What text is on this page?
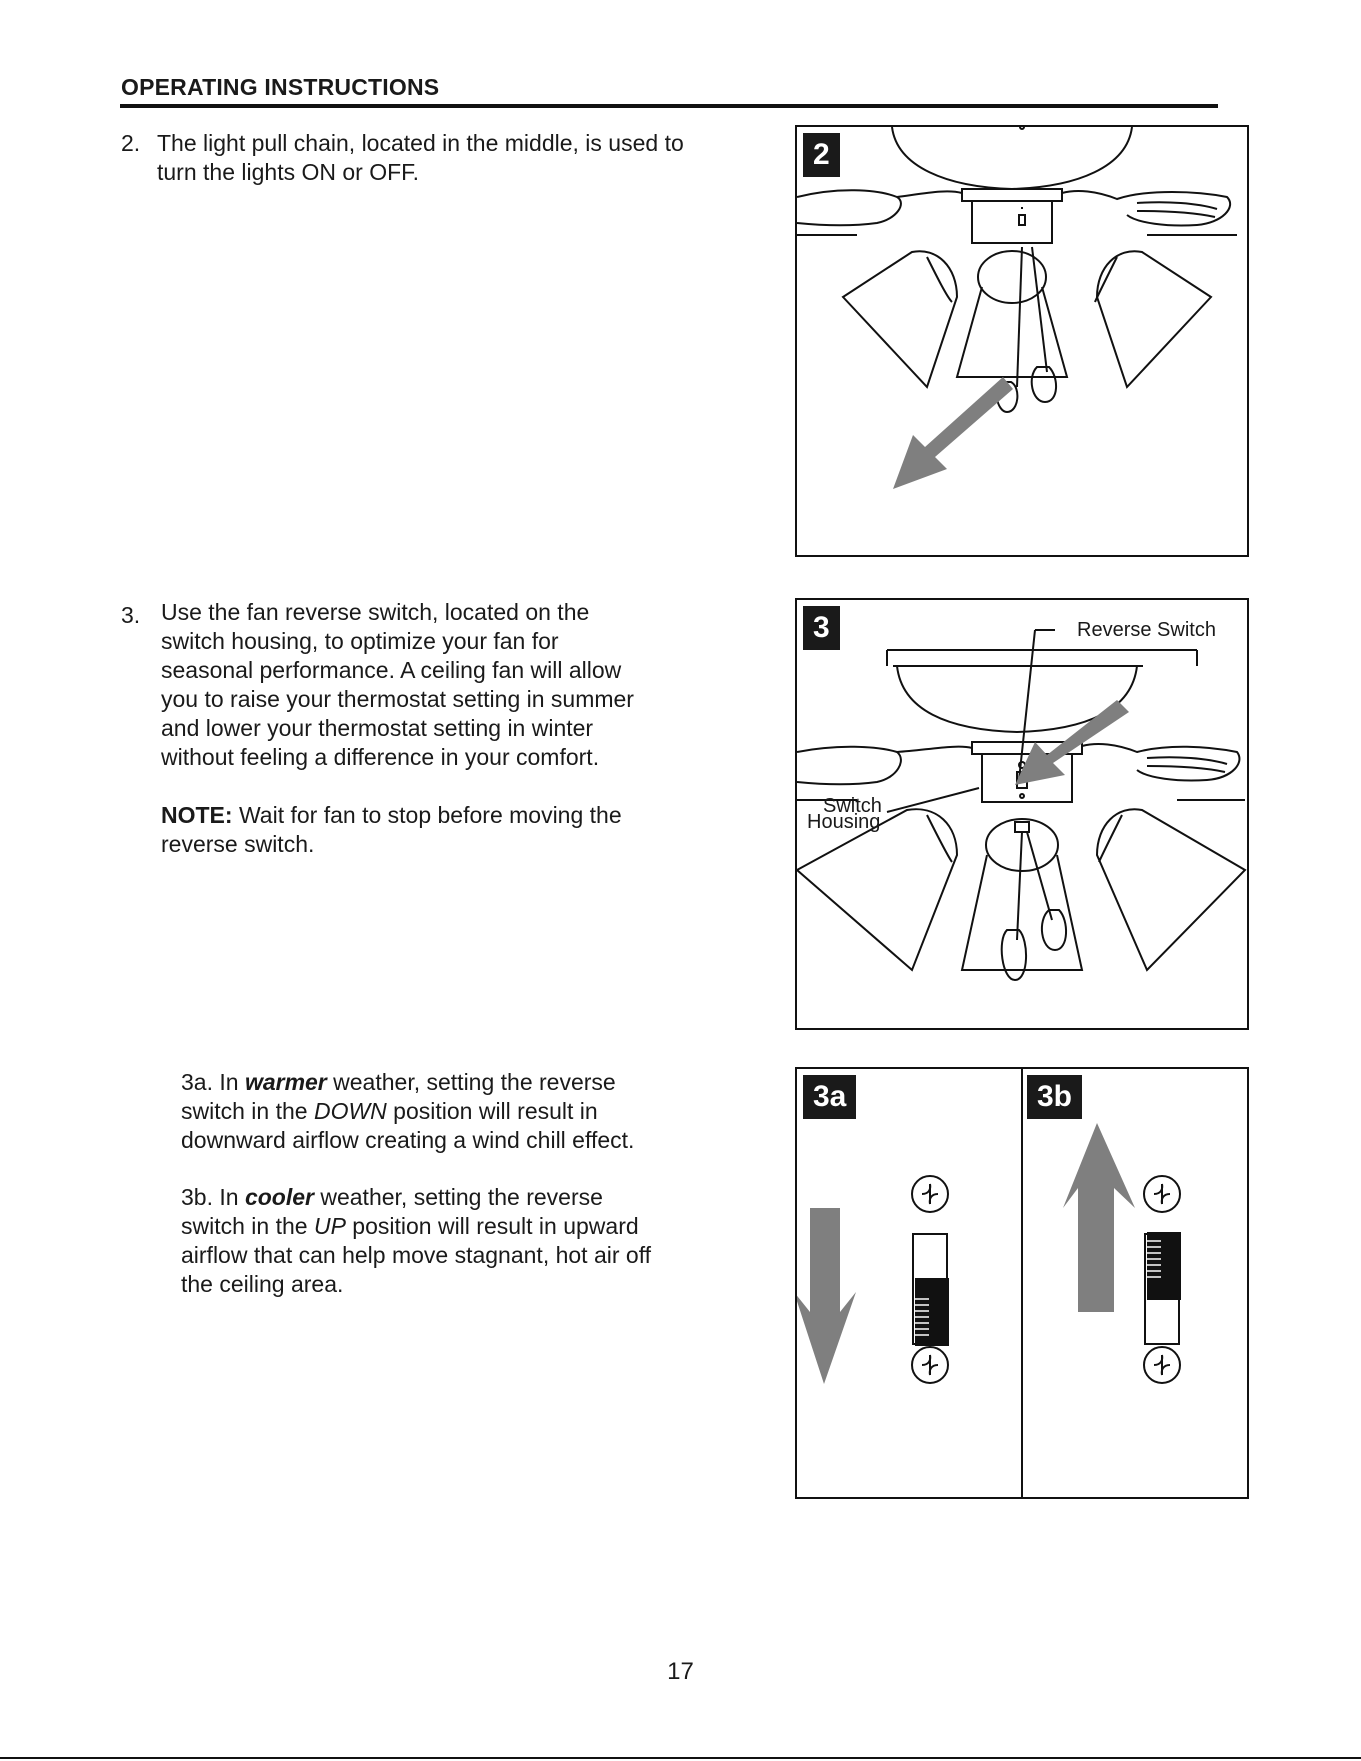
OPERATING INSTRUCTIONS
2. The light pull chain, located in the middle, is used to
turn the lights ON or OFF.
3. Use the fan reverse switch, located on the
switch housing, to optimize your fan for
seasonal performance. A ceiling fan will allow
you to raise your thermostat setting in summer
and lower your thermostat setting in winter
without feeling a difference in your comfort.
NOTE: Wait for fan to stop before moving the
reverse switch.
3a. In warmer weather, setting the reverse
switch in the DOWN position will result in
downward airflow creating a wind chill effect.
3b. In cooler weather, setting the reverse
switch in the UP position will result in upward
airflow that can help move stagnant, hot air off
the ceiling area.
2
3	Reverse Switch
Switch
Housing
3a	3b
17
